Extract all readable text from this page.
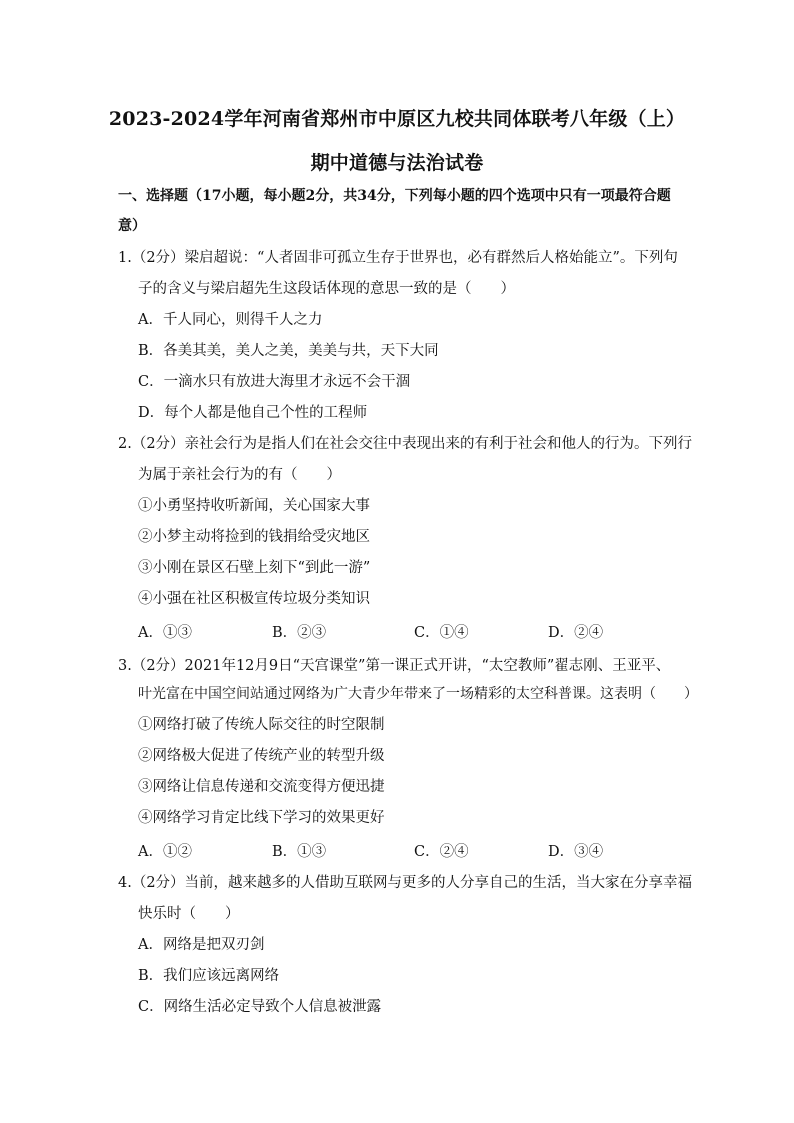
2023-2024学年河南省郑州市中原区九校共同体联考八年级（上）
期中道德与法治试卷
一、选择题（17小题，每小题2分，共34分，下列每小题的四个选项中只有一项最符合题
意）
1.（2分）梁启超说：“人者固非可孤立生存于世界也，必有群然后人格始能立”。下列句
子的含义与梁启超先生这段话体现的意思一致的是（　　）
A．千人同心，则得千人之力
B．各美其美，美人之美，美美与共，天下大同
C．一滴水只有放进大海里才永远不会干涸
D．每个人都是他自己个性的工程师
2.（2分）亲社会行为是指人们在社会交往中表现出来的有利于社会和他人的行为。下列行
为属于亲社会行为的有（　　）
①小勇坚持收听新闻，关心国家大事
②小梦主动将捡到的钱捐给受灾地区
③小刚在景区石壁上刻下“到此一游”
④小强在社区积极宣传垃圾分类知识
A．①③	B．②③	C．①④	D．②④
3.（2分）2021年12月9日“天宫课堂”第一课正式开讲，“太空教师”翟志刚、王亚平、
叶光富在中国空间站通过网络为广大青少年带来了一场精彩的太空科普课。这表明（　　）
①网络打破了传统人际交往的时空限制
②网络极大促进了传统产业的转型升级
③网络让信息传递和交流变得方便迅捷
④网络学习肯定比线下学习的效果更好
A．①②	B．①③	C．②④	D．③④
4.（2分）当前，越来越多的人借助互联网与更多的人分享自己的生活，当大家在分享幸福
快乐时（　　）
A．网络是把双刃剑
B．我们应该远离网络
C．网络生活必定导致个人信息被泄露
